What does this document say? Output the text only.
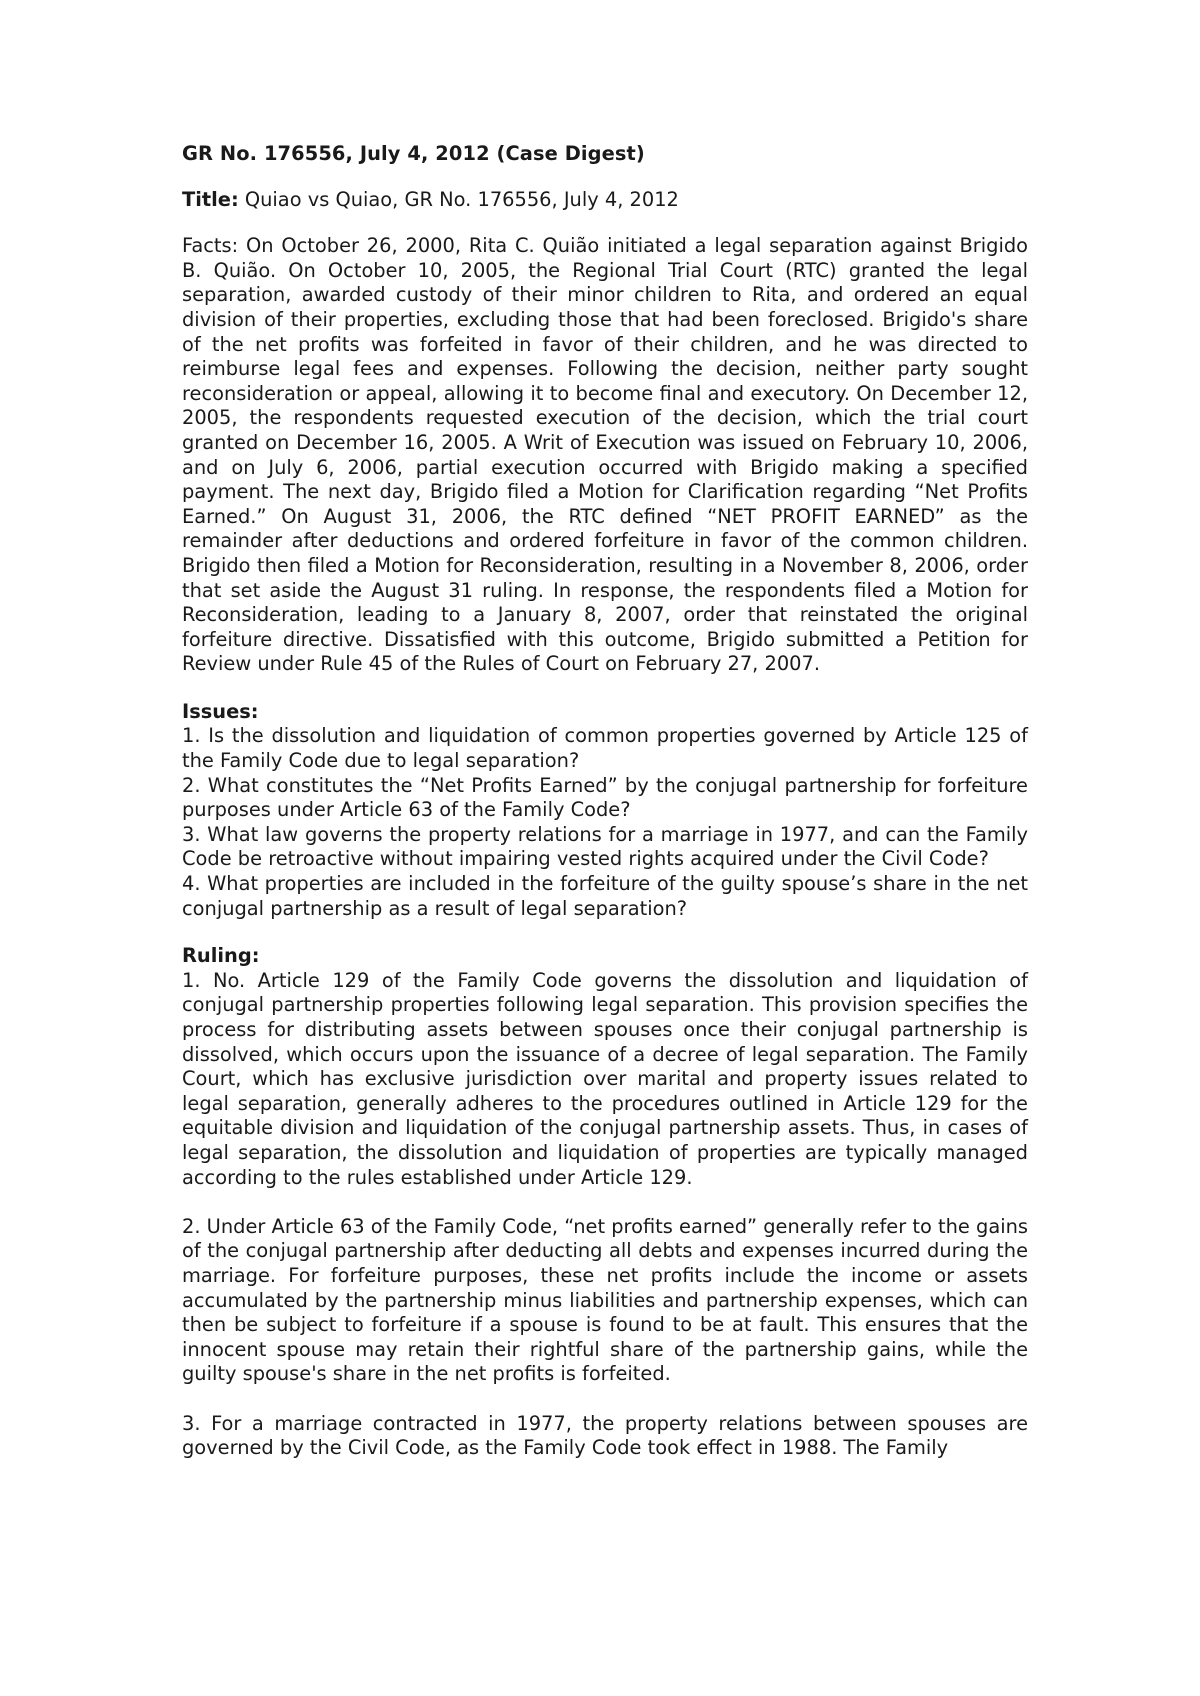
GR No. 176556, July 4, 2012 (Case Digest)

Title: Quiao vs Quiao, GR No. 176556, July 4, 2012

Facts: On October 26, 2000, Rita C. Quião initiated a legal separation against Brigido B. Quião. On October 10, 2005, the Regional Trial Court (RTC) granted the legal separation, awarded custody of their minor children to Rita, and ordered an equal division of their properties, excluding those that had been foreclosed. Brigido's share of the net profits was forfeited in favor of their children, and he was directed to reimburse legal fees and expenses. Following the decision, neither party sought reconsideration or appeal, allowing it to become final and executory. On December 12, 2005, the respondents requested execution of the decision, which the trial court granted on December 16, 2005. A Writ of Execution was issued on February 10, 2006, and on July 6, 2006, partial execution occurred with Brigido making a specified payment. The next day, Brigido filed a Motion for Clarification regarding “Net Profits Earned.” On August 31, 2006, the RTC defined “NET PROFIT EARNED” as the remainder after deductions and ordered forfeiture in favor of the common children. Brigido then filed a Motion for Reconsideration, resulting in a November 8, 2006, order that set aside the August 31 ruling. In response, the respondents filed a Motion for Reconsideration, leading to a January 8, 2007, order that reinstated the original forfeiture directive. Dissatisfied with this outcome, Brigido submitted a Petition for Review under Rule 45 of the Rules of Court on February 27, 2007.

Issues:

1. Is the dissolution and liquidation of common properties governed by Article 125 of the Family Code due to legal separation?

2. What constitutes the “Net Profits Earned” by the conjugal partnership for forfeiture purposes under Article 63 of the Family Code?

3. What law governs the property relations for a marriage in 1977, and can the Family Code be retroactive without impairing vested rights acquired under the Civil Code?

4. What properties are included in the forfeiture of the guilty spouse’s share in the net conjugal partnership as a result of legal separation?

Ruling:

1. No. Article 129 of the Family Code governs the dissolution and liquidation of conjugal partnership properties following legal separation. This provision specifies the process for distributing assets between spouses once their conjugal partnership is dissolved, which occurs upon the issuance of a decree of legal separation. The Family Court, which has exclusive jurisdiction over marital and property issues related to legal separation, generally adheres to the procedures outlined in Article 129 for the equitable division and liquidation of the conjugal partnership assets. Thus, in cases of legal separation, the dissolution and liquidation of properties are typically managed according to the rules established under Article 129.

2. Under Article 63 of the Family Code, “net profits earned” generally refer to the gains of the conjugal partnership after deducting all debts and expenses incurred during the marriage. For forfeiture purposes, these net profits include the income or assets accumulated by the partnership minus liabilities and partnership expenses, which can then be subject to forfeiture if a spouse is found to be at fault. This ensures that the innocent spouse may retain their rightful share of the partnership gains, while the guilty spouse's share in the net profits is forfeited.

3. For a marriage contracted in 1977, the property relations between spouses are governed by the Civil Code, as the Family Code took effect in 1988. The Family
